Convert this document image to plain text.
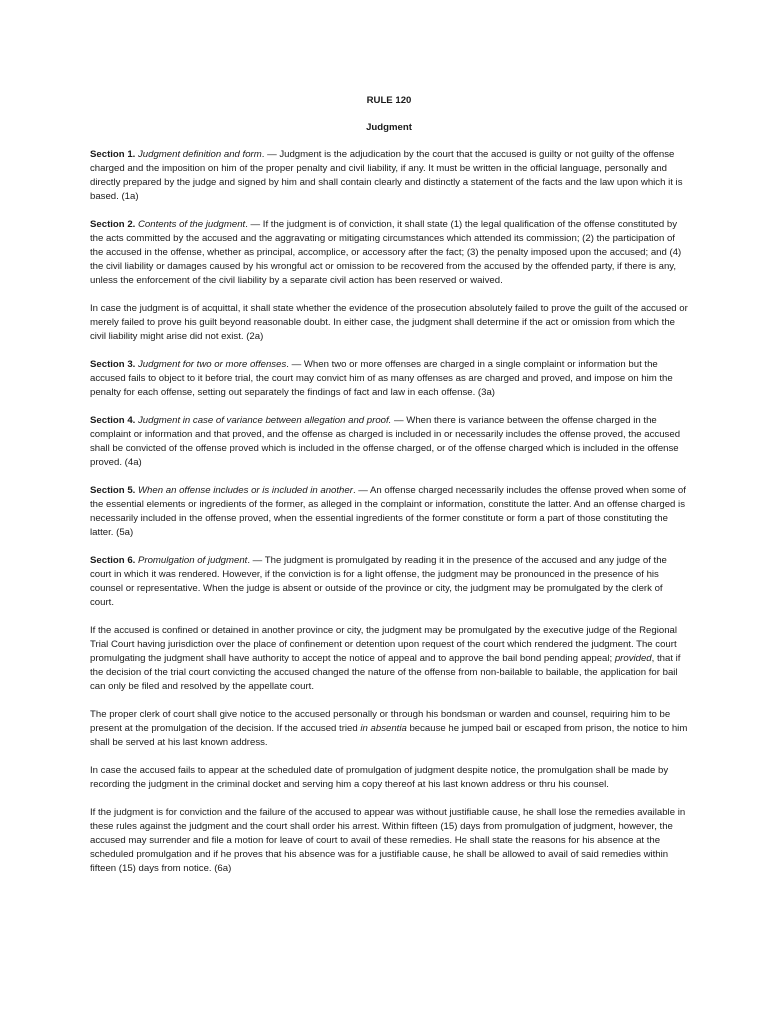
RULE 120
Judgment

Section 1. Judgment definition and form. — Judgment is the adjudication by the court that the accused is guilty or not guilty of the offense charged and the imposition on him of the proper penalty and civil liability, if any. It must be written in the official language, personally and directly prepared by the judge and signed by him and shall contain clearly and distinctly a statement of the facts and the law upon which it is based. (1a)

Section 2. Contents of the judgment. — If the judgment is of conviction, it shall state (1) the legal qualification of the offense constituted by the acts committed by the accused and the aggravating or mitigating circumstances which attended its commission; (2) the participation of the accused in the offense, whether as principal, accomplice, or accessory after the fact; (3) the penalty imposed upon the accused; and (4) the civil liability or damages caused by his wrongful act or omission to be recovered from the accused by the offended party, if there is any, unless the enforcement of the civil liability by a separate civil action has been reserved or waived.

In case the judgment is of acquittal, it shall state whether the evidence of the prosecution absolutely failed to prove the guilt of the accused or merely failed to prove his guilt beyond reasonable doubt. In either case, the judgment shall determine if the act or omission from which the civil liability might arise did not exist. (2a)

Section 3. Judgment for two or more offenses. — When two or more offenses are charged in a single complaint or information but the accused fails to object to it before trial, the court may convict him of as many offenses as are charged and proved, and impose on him the penalty for each offense, setting out separately the findings of fact and law in each offense. (3a)

Section 4. Judgment in case of variance between allegation and proof. — When there is variance between the offense charged in the complaint or information and that proved, and the offense as charged is included in or necessarily includes the offense proved, the accused shall be convicted of the offense proved which is included in the offense charged, or of the offense charged which is included in the offense proved. (4a)

Section 5. When an offense includes or is included in another. — An offense charged necessarily includes the offense proved when some of the essential elements or ingredients of the former, as alleged in the complaint or information, constitute the latter. And an offense charged is necessarily included in the offense proved, when the essential ingredients of the former constitute or form a part of those constituting the latter. (5a)

Section 6. Promulgation of judgment. — The judgment is promulgated by reading it in the presence of the accused and any judge of the court in which it was rendered. However, if the conviction is for a light offense, the judgment may be pronounced in the presence of his counsel or representative. When the judge is absent or outside of the province or city, the judgment may be promulgated by the clerk of court.

If the accused is confined or detained in another province or city, the judgment may be promulgated by the executive judge of the Regional Trial Court having jurisdiction over the place of confinement or detention upon request of the court which rendered the judgment. The court promulgating the judgment shall have authority to accept the notice of appeal and to approve the bail bond pending appeal; provided, that if the decision of the trial court convicting the accused changed the nature of the offense from non-bailable to bailable, the application for bail can only be filed and resolved by the appellate court.

The proper clerk of court shall give notice to the accused personally or through his bondsman or warden and counsel, requiring him to be present at the promulgation of the decision. If the accused tried in absentia because he jumped bail or escaped from prison, the notice to him shall be served at his last known address.

In case the accused fails to appear at the scheduled date of promulgation of judgment despite notice, the promulgation shall be made by recording the judgment in the criminal docket and serving him a copy thereof at his last known address or thru his counsel.

If the judgment is for conviction and the failure of the accused to appear was without justifiable cause, he shall lose the remedies available in these rules against the judgment and the court shall order his arrest. Within fifteen (15) days from promulgation of judgment, however, the accused may surrender and file a motion for leave of court to avail of these remedies. He shall state the reasons for his absence at the scheduled promulgation and if he proves that his absence was for a justifiable cause, he shall be allowed to avail of said remedies within fifteen (15) days from notice. (6a)
